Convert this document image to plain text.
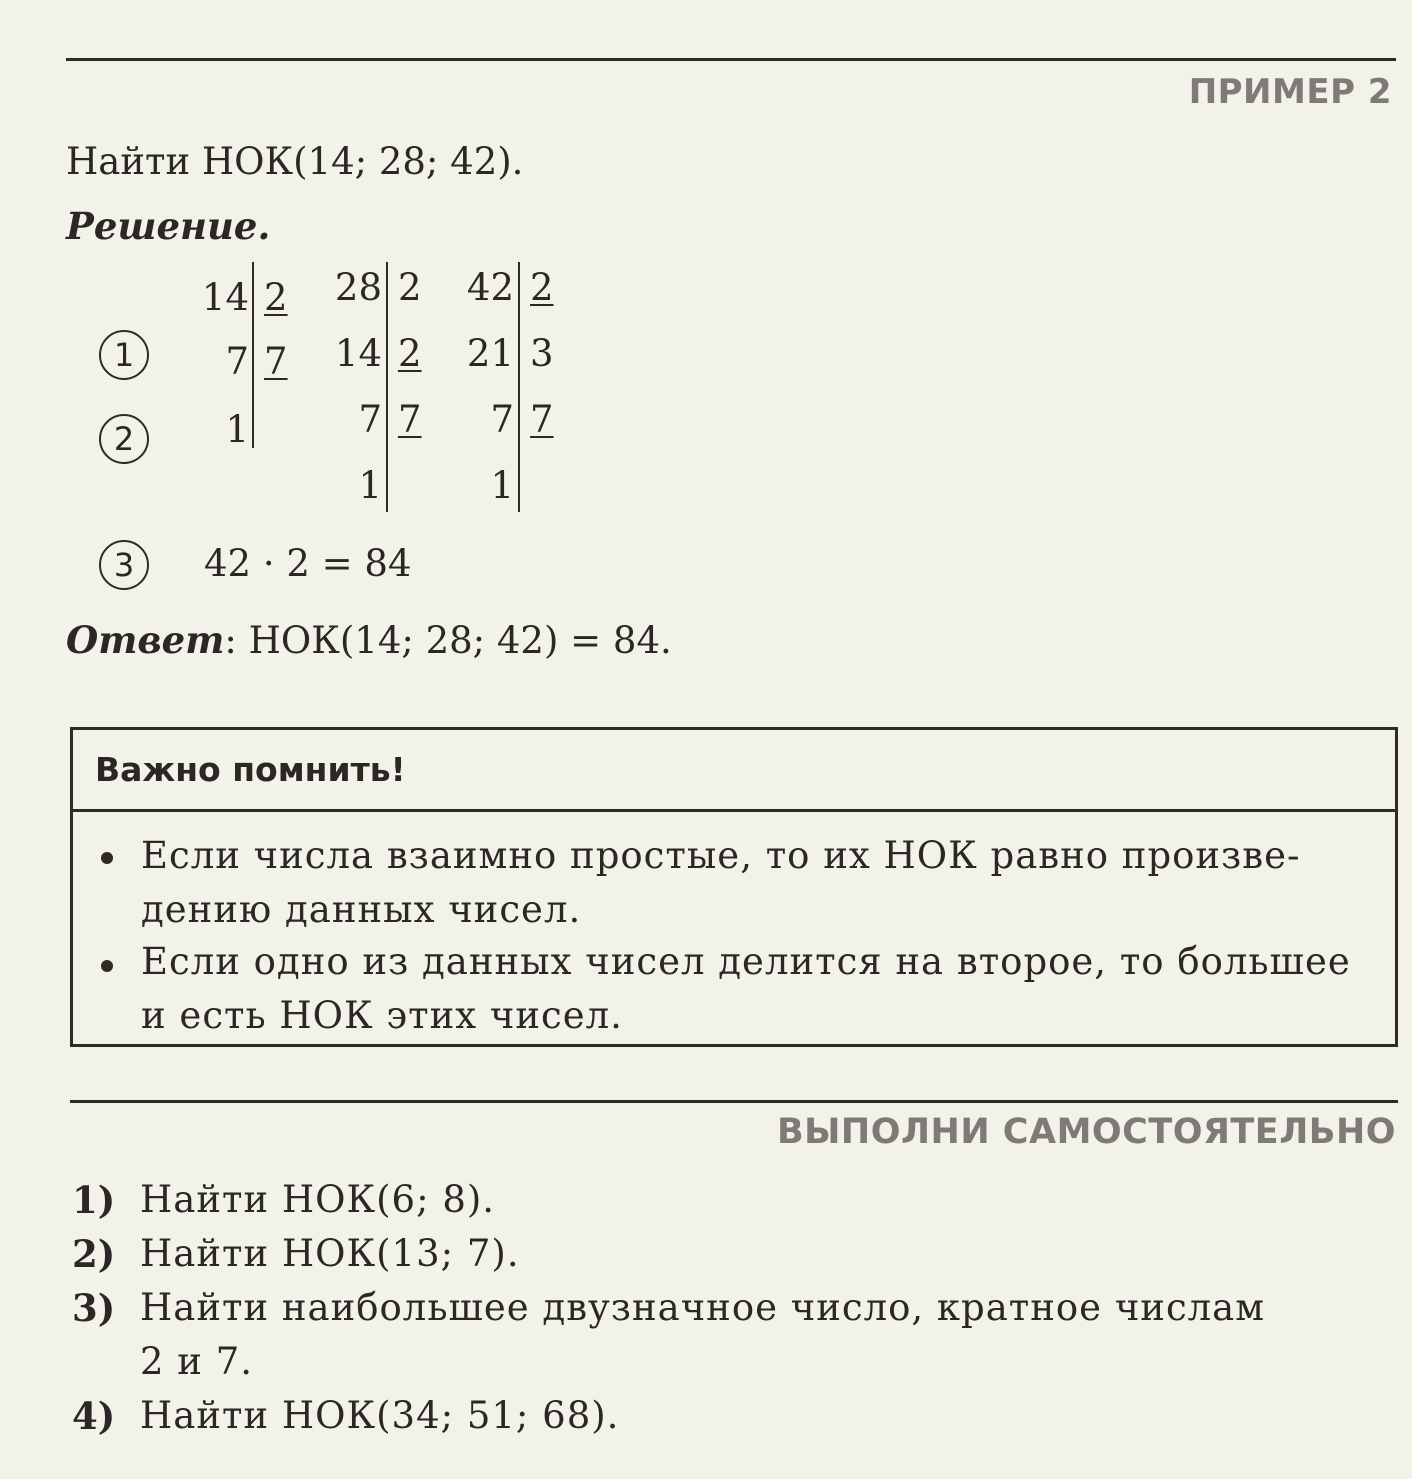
ПРИМЕР 2
Найти НОК(14; 28; 42).
Решение.
1
2
3
14
7
1
2
7
28
14
7
1
2
2
7
42
21
7
1
2
3
7
42 · 2 = 84
Ответ: НОК(14; 28; 42) = 84.
Важно помнить!
Если числа взаимно простые, то их НОК равно произве-
дению данных чисел.
Если одно из данных чисел делится на второе, то большее
и есть НОК этих чисел.
ВЫПОЛНИ САМОСТОЯТЕЛЬНО
1) Найти НОК(6; 8).
2) Найти НОК(13; 7).
3) Найти наибольшее двузначное число, кратное числам
2 и 7.
4) Найти НОК(34; 51; 68).
